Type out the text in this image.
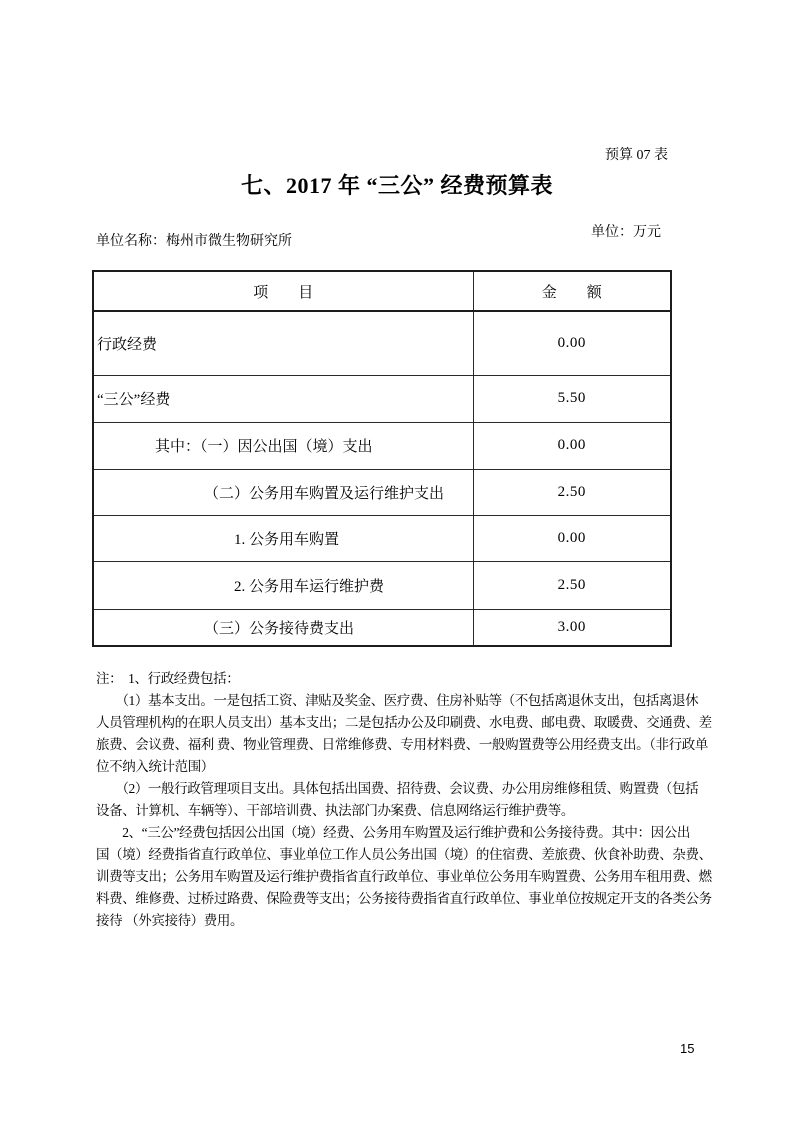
预算 07 表
七、2017 年 “三公” 经费预算表
单位名称：梅州市微生物研究所
单位：万元
项　　目	金　　额
行政经费	0.00
“三公”经费	5.50
其中：（一）因公出国（境）支出	0.00
（二）公务用车购置及运行维护支出	2.50
1. 公务用车购置	0.00
2. 公务用车运行维护费	2.50
（三）公务接待费支出	3.00
注：  1、行政经费包括：
　　（1）基本支出。一是包括工资、津贴及奖金、医疗费、住房补贴等（不包括离退休支出，包括离退休
人员管理机构的在职人员支出）基本支出；二是包括办公及印刷费、水电费、邮电费、取暖费、交通费、差
旅费、会议费、福利 费、物业管理费、日常维修费、专用材料费、一般购置费等公用经费支出。（非行政单
位不纳入统计范围）
　　（2）一般行政管理项目支出。具体包括出国费、招待费、会议费、办公用房维修租赁、购置费（包括
设备、计算机、车辆等）、干部培训费、执法部门办案费、信息网络运行维护费等。
　　2、“三公”经费包括因公出国（境）经费、公务用车购置及运行维护费和公务接待费。其中：因公出
国（境）经费指省直行政单位、事业单位工作人员公务出国（境）的住宿费、差旅费、伙食补助费、杂费、
训费等支出；公务用车购置及运行维护费指省直行政单位、事业单位公务用车购置费、公务用车租用费、燃
料费、维修费、过桥过路费、保险费等支出；公务接待费指省直行政单位、事业单位按规定开支的各类公务
接待 （外宾接待）费用。
15
